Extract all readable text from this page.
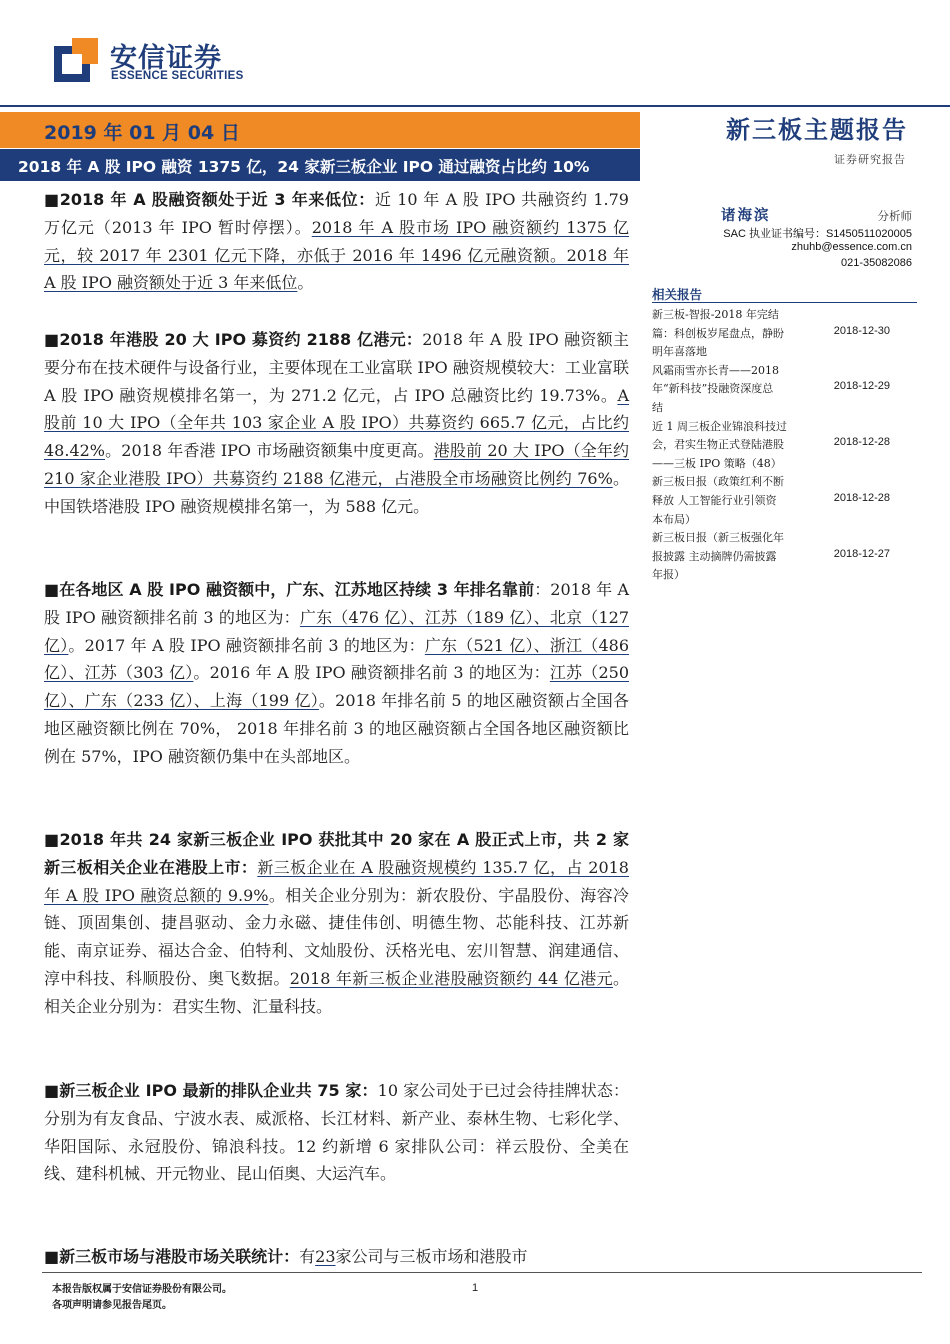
安信证券
ESSENCE SECURITIES
2019 年 01 月 04 日
2018 年 A 股 IPO 融资 1375 亿，24 家新三板企业 IPO 通过融资占比约 10%
新三板主题报告
证券研究报告
诸海滨	分析师
SAC 执业证书编号：S1450511020005
zhuhb@essence.com.cn
021-35082086
相关报告
新三板-智报-2018 年完结
篇：科创板岁尾盘点，静盼	2018-12-30
明年喜落地
风霜雨雪亦长青——2018
年“新科技”投融资深度总	2018-12-29
结
近 1 周三板企业锦浪科技过
会，君实生物正式登陆港股	2018-12-28
——三板 IPO 策略（48）
新三板日报（政策红利不断
释放 人工智能行业引领资	2018-12-28
本布局）
新三板日报（新三板强化年
报披露 主动摘牌仍需披露	2018-12-27
年报）
■2018 年 A 股融资额处于近 3 年来低位：近 10 年 A 股 IPO 共融资约 1.79 万亿元（2013 年 IPO 暂时停摆）。2018 年 A 股市场 IPO 融资额约 1375 亿元，较 2017 年 2301 亿元下降，亦低于 2016 年 1496 亿元融资额。2018 年 A 股 IPO 融资额处于近 3 年来低位。
■2018 年港股 20 大 IPO 募资约 2188 亿港元：2018 年 A 股 IPO 融资额主要分布在技术硬件与设备行业，主要体现在工业富联 IPO 融资规模较大：工业富联 A 股 IPO 融资规模排名第一，为 271.2 亿元，占 IPO 总融资比约 19.73%。A 股前 10 大 IPO（全年共 103 家企业 A 股 IPO）共募资约 665.7 亿元，占比约 48.42%。2018 年香港 IPO 市场融资额集中度更高。港股前 20 大 IPO（全年约 210 家企业港股 IPO）共募资约 2188 亿港元，占港股全市场融资比例约 76%。中国铁塔港股 IPO 融资规模排名第一，为 588 亿元。
■在各地区 A 股 IPO 融资额中，广东、江苏地区持续 3 年排名靠前：2018 年 A 股 IPO 融资额排名前 3 的地区为：广东（476 亿）、江苏（189 亿）、北京（127 亿）。2017 年 A 股 IPO 融资额排名前 3 的地区为：广东（521 亿）、浙江（486 亿）、江苏（303 亿）。2016 年 A 股 IPO 融资额排名前 3 的地区为：江苏（250 亿）、广东（233 亿）、上海（199 亿）。2018 年排名前 5 的地区融资额占全国各地区融资额比例在 70%， 2018 年排名前 3 的地区融资额占全国各地区融资额比例在 57%，IPO 融资额仍集中在头部地区。
■2018 年共 24 家新三板企业 IPO 获批其中 20 家在 A 股正式上市，共 2 家新三板相关企业在港股上市：新三板企业在 A 股融资规模约 135.7 亿，占 2018 年 A 股 IPO 融资总额的 9.9%。相关企业分别为：新农股份、宇晶股份、海容冷链、顶固集创、捷昌驱动、金力永磁、捷佳伟创、明德生物、芯能科技、江苏新能、南京证券、福达合金、伯特利、文灿股份、沃格光电、宏川智慧、润建通信、淳中科技、科顺股份、奥飞数据。2018 年新三板企业港股融资额约 44 亿港元。相关企业分别为：君实生物、汇量科技。
■新三板企业 IPO 最新的排队企业共 75 家：10 家公司处于已过会待挂牌状态：分别为有友食品、宁波水表、威派格、长江材料、新产业、泰林生物、七彩化学、华阳国际、永冠股份、锦浪科技。12 约新增 6 家排队公司：祥云股份、全美在线、建科机械、开元物业、昆山佰奥、大运汽车。
■新三板市场与港股市场关联统计：有23家公司与三板市场和港股市
本报告版权属于安信证券股份有限公司。
各项声明请参见报告尾页。
1
